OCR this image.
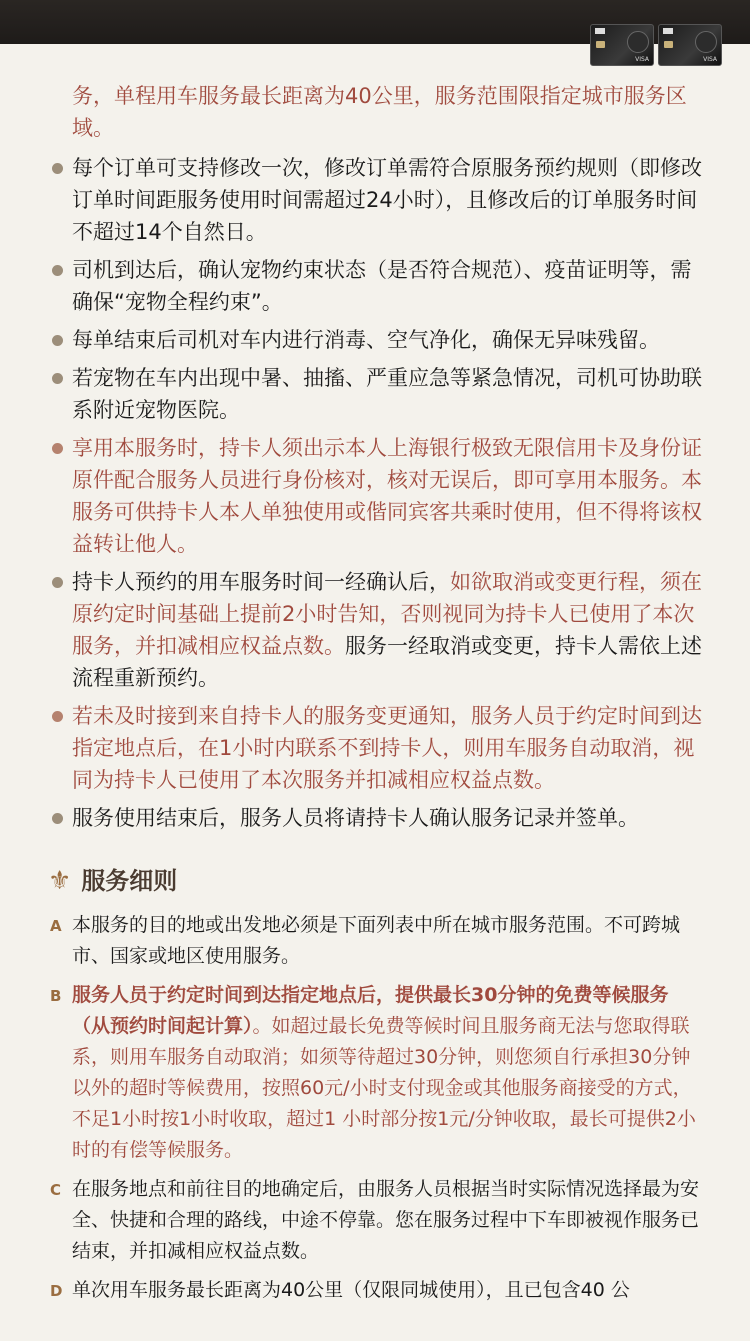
VISA	VISA
务，单程用车服务最长距离为40公里，服务范围限指定城市服务区域。
每个订单可支持修改一次，修改订单需符合原服务预约规则（即修改订单时间距服务使用时间需超过24小时），且修改后的订单服务时间不超过14个自然日。
司机到达后，确认宠物约束状态（是否符合规范）、疫苗证明等，需确保“宠物全程约束”。
每单结束后司机对车内进行消毒、空气净化，确保无异味残留。
若宠物在车内出现中暑、抽搐、严重应急等紧急情况，司机可协助联系附近宠物医院。
享用本服务时，持卡人须出示本人上海银行极致无限信用卡及身份证原件配合服务人员进行身份核对，核对无误后，即可享用本服务。本服务可供持卡人本人单独使用或偕同宾客共乘时使用，但不得将该权益转让他人。
持卡人预约的用车服务时间一经确认后，如欲取消或变更行程，须在原约定时间基础上提前2小时告知，否则视同为持卡人已使用了本次服务，并扣减相应权益点数。服务一经取消或变更，持卡人需依上述流程重新预约。
若未及时接到来自持卡人的服务变更通知，服务人员于约定时间到达指定地点后，在1小时内联系不到持卡人，则用车服务自动取消，视同为持卡人已使用了本次服务并扣减相应权益点数。
服务使用结束后，服务人员将请持卡人确认服务记录并签单。
⚜ 服务细则
A 本服务的目的地或出发地必须是下面列表中所在城市服务范围。不可跨城市、国家或地区使用服务。
B 服务人员于约定时间到达指定地点后，提供最长30分钟的免费等候服务（从预约时间起计算）。如超过最长免费等候时间且服务商无法与您取得联系，则用车服务自动取消；如须等待超过30分钟，则您须自行承担30分钟以外的超时等候费用，按照60元/小时支付现金或其他服务商接受的方式，不足1小时按1小时收取，超过1 小时部分按1元/分钟收取，最长可提供2小时的有偿等候服务。
C 在服务地点和前往目的地确定后，由服务人员根据当时实际情况选择最为安全、快捷和合理的路线，中途不停靠。您在服务过程中下车即被视作服务已结束，并扣减相应权益点数。
D 单次用车服务最长距离为40公里（仅限同城使用），且已包含40 公
